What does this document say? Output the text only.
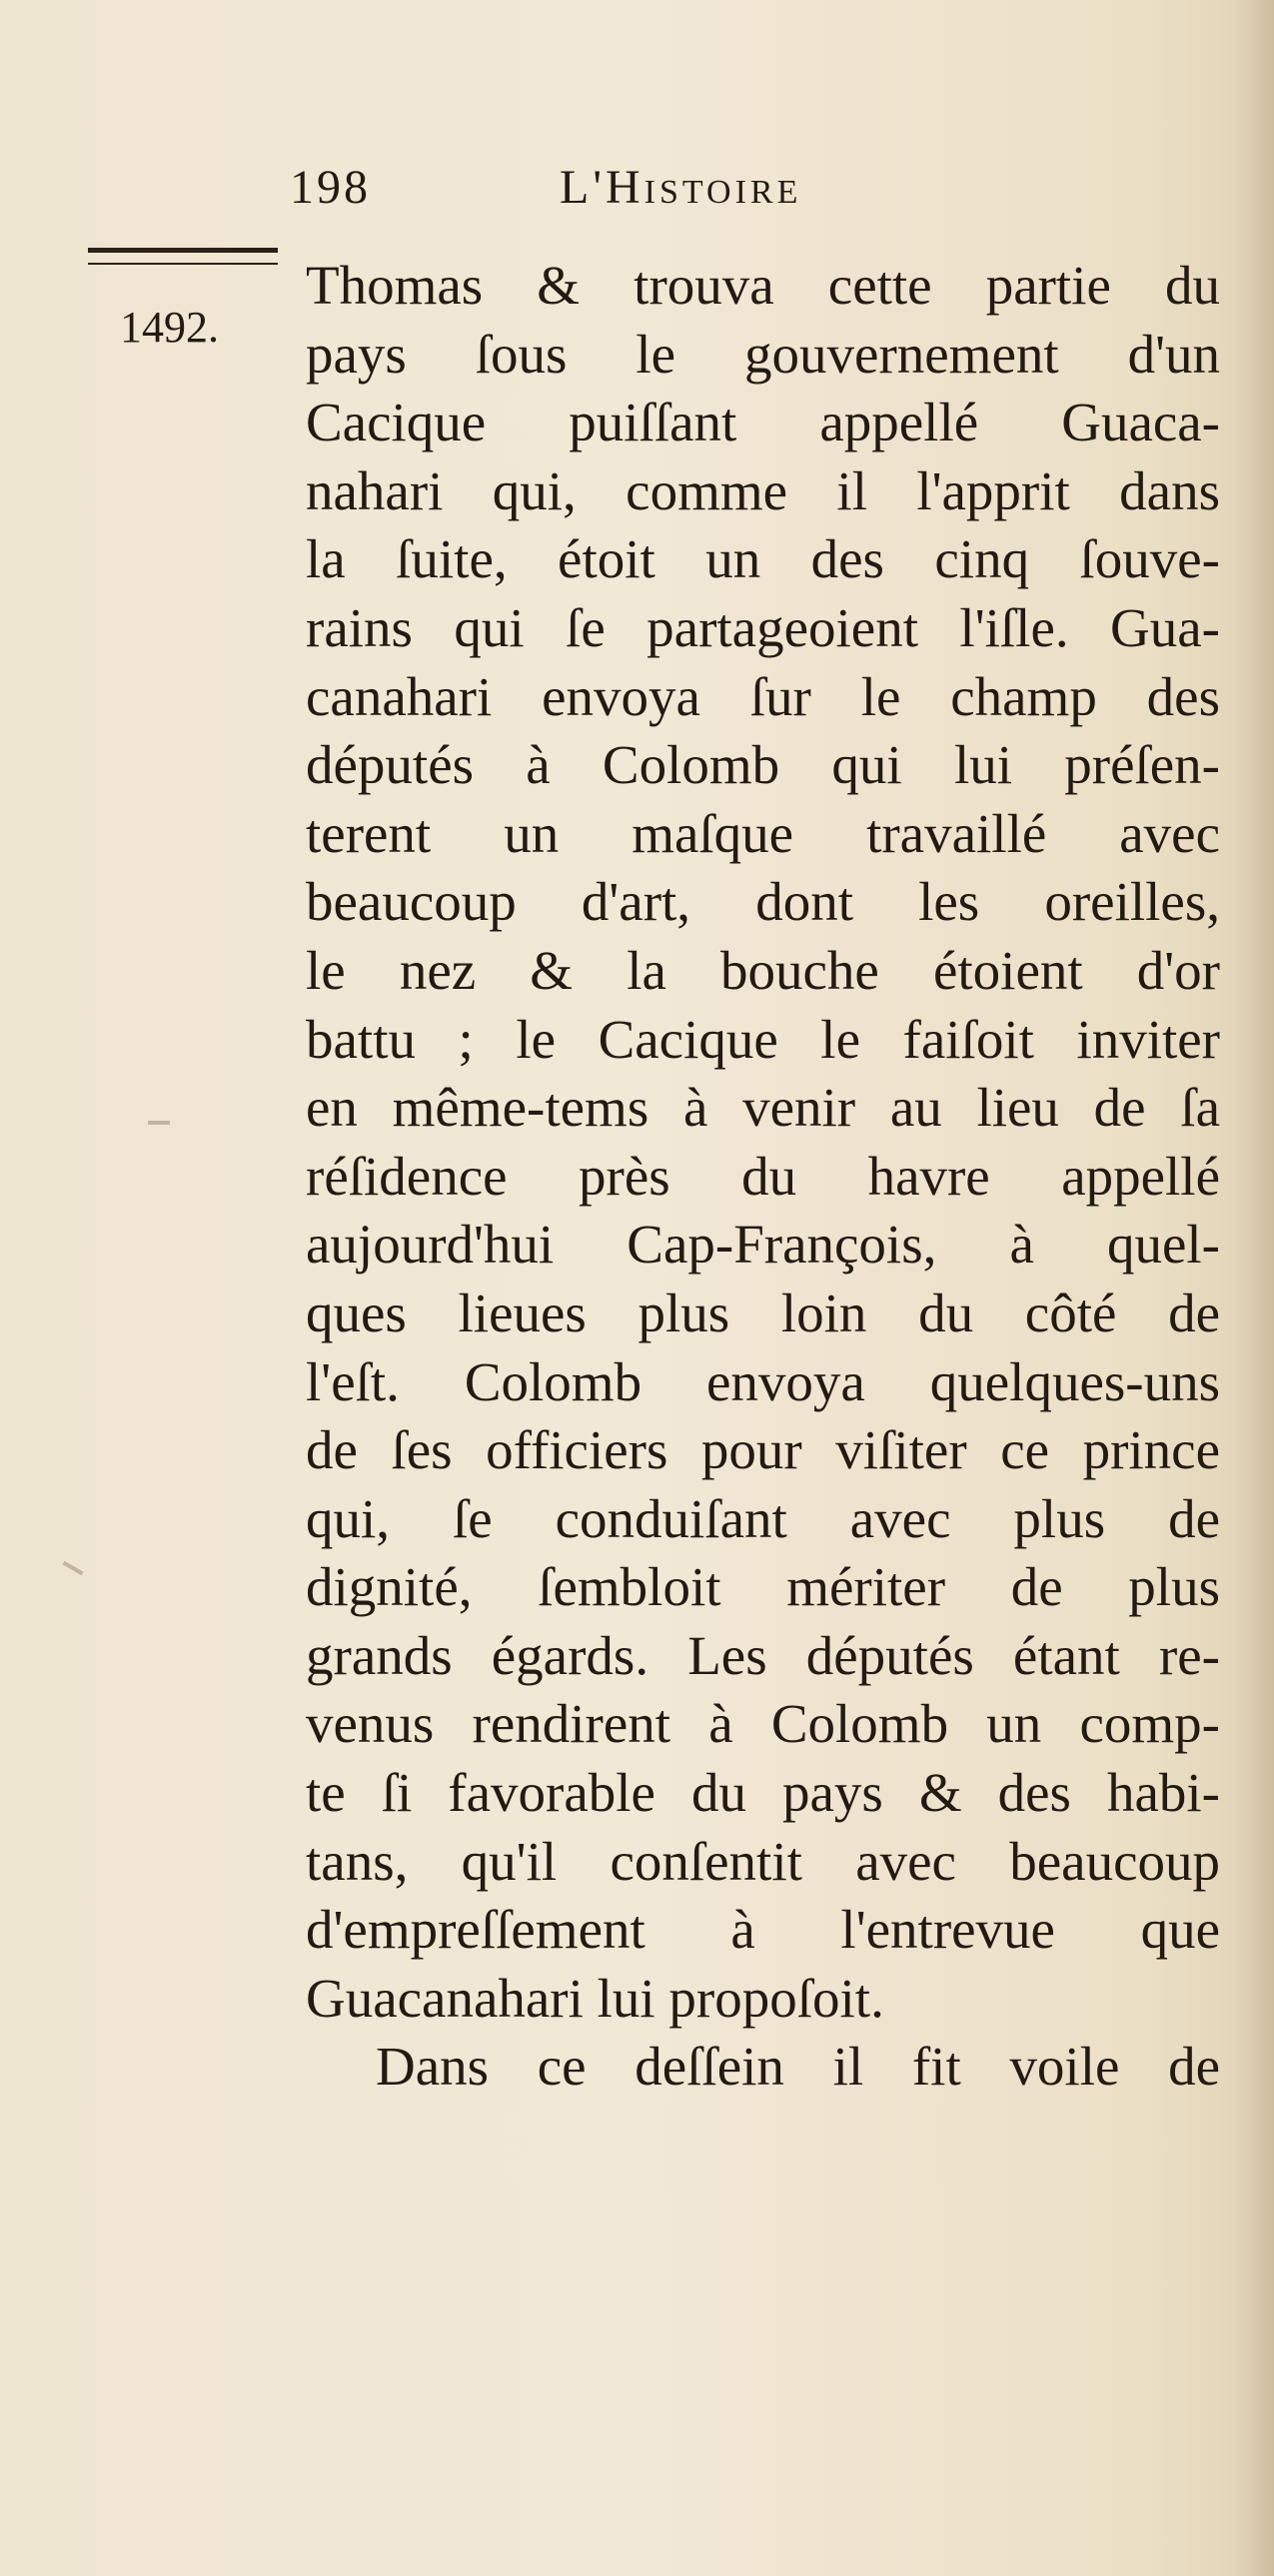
198	L'Histoire
1492.
Thomas & trouva cette partie du
pays ſous le gouvernement d'un
Cacique puiſſant appellé Guaca-
nahari qui, comme il l'apprit dans
la ſuite, étoit un des cinq ſouve-
rains qui ſe partageoient l'iſle. Gua-
canahari envoya ſur le champ des
députés à Colomb qui lui préſen-
terent un maſque travaillé avec
beaucoup d'art, dont les oreilles,
le nez & la bouche étoient d'or
battu ; le Cacique le faiſoit inviter
en même-tems à venir au lieu de ſa
réſidence près du havre appellé
aujourd'hui Cap-François, à quel-
ques lieues plus loin du côté de
l'eſt. Colomb envoya quelques-uns
de ſes officiers pour viſiter ce prince
qui, ſe conduiſant avec plus de
dignité, ſembloit mériter de plus
grands égards. Les députés étant re-
venus rendirent à Colomb un comp-
te ſi favorable du pays & des habi-
tans, qu'il conſentit avec beaucoup
d'empreſſement à l'entrevue que
Guacanahari lui propoſoit.
Dans ce deſſein il fit voile de
